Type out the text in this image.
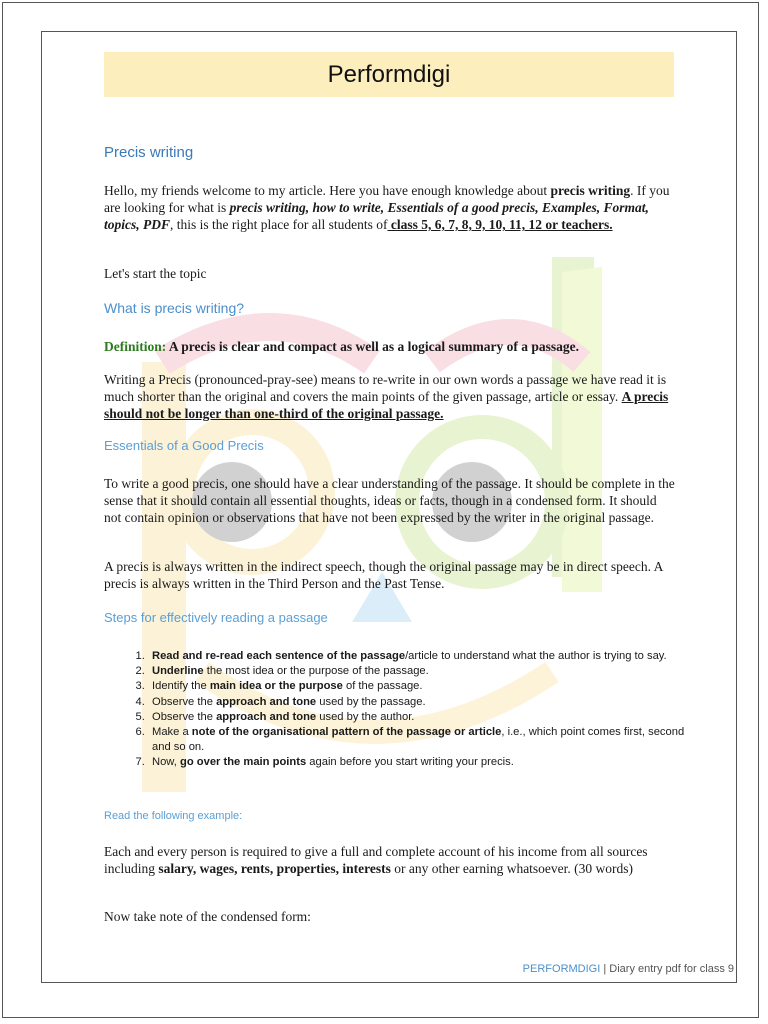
Performdigi
Precis writing

Hello, my friends welcome to my article. Here you have enough knowledge about precis writing. If you are looking for what is precis writing, how to write, Essentials of a good precis, Examples, Format, topics, PDF, this is the right place for all students of class 5, 6, 7, 8, 9, 10, 11, 12 or teachers.

Let's start the topic

What is precis writing?

Definition: A precis is clear and compact as well as a logical summary of a passage.

Writing a Precis (pronounced-pray-see) means to re-write in our own words a passage we have read it is much shorter than the original and covers the main points of the given passage, article or essay. A precis should not be longer than one-third of the original passage.

Essentials of a Good Precis

To write a good precis, one should have a clear understanding of the passage. It should be complete in the sense that it should contain all essential thoughts, ideas or facts, though in a condensed form. It should not contain opinion or observations that have not been expressed by the writer in the original passage.

A precis is always written in the indirect speech, though the original passage may be in direct speech. A precis is always written in the Third Person and the Past Tense.

Steps for effectively reading a passage
1. Read and re-read each sentence of the passage/article to understand what the author is trying to say.
2. Underline the most idea or the purpose of the passage.
3. Identify the main idea or the purpose of the passage.
4. Observe the approach and tone used by the passage.
5. Observe the approach and tone used by the author.
6. Make a note of the organisational pattern of the passage or article, i.e., which point comes first, second and so on.
7. Now, go over the main points again before you start writing your precis.
Read the following example:

Each and every person is required to give a full and complete account of his income from all sources including salary, wages, rents, properties, interests or any other earning whatsoever. (30 words)

Now take note of the condensed form:

PERFORMDIGI | Diary entry pdf for class 9
